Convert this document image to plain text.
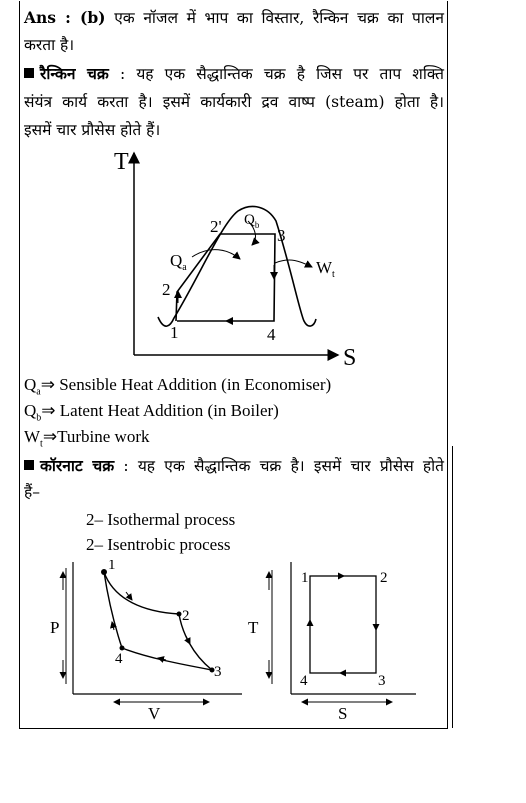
Ans : (b) एक नॉजल में भाप का विस्तार, रैन्किन चक्र का पालन
करता है।
रैन्किन चक्र : यह एक सैद्धान्तिक चक्र है जिस पर ताप शक्ति
संयंत्र कार्य करता है। इसमें कार्यकारी द्रव वाष्प (steam) होता है।
इसमें चार प्रौसेस होते हैं।
T
S
1
2
2'	3
4
$Q_a$
$Q_b$
$W_t$
$Q_a\Rightarrow$ Sensible Heat Addition (in Economiser)
$Q_b\Rightarrow$ Latent Heat Addition (in Boiler)
$W_t\Rightarrow Turbine$ work
कॉरनाट चक्र : यह एक सैद्धान्तिक चक्र है। इसमें चार प्रौसेस होते
हैं–
2– Isothermal process
2– Isentrobic process
P
V
1
2
3
4
T
S
1	2
3
4
